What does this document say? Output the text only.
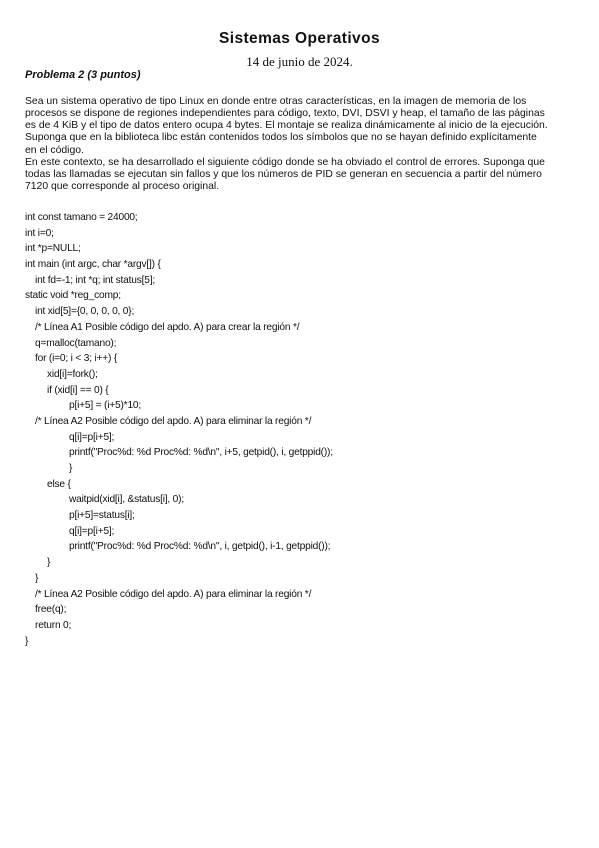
Sistemas Operativos
14 de junio de 2024.
Problema 2 (3 puntos)

Sea un sistema operativo de tipo Linux en donde entre otras características, en la imagen de memoria de los

procesos se dispone de regiones independientes para código, texto, DVI, DSVI y heap, el tamaño de las páginas

es de 4 KiB y el tipo de datos entero ocupa 4 bytes. El montaje se realiza dinámicamente al inicio de la ejecución.

Suponga que en la biblioteca libc están contenidos todos los símbolos que no se hayan definido explícitamente

en el código.

En este contexto, se ha desarrollado el siguiente código donde se ha obviado el control de errores. Suponga que

todas las llamadas se ejecutan sin fallos y que los números de PID se generan en secuencia a partir del número

7120 que corresponde al proceso original.

int const tamano = 24000;
int i=0;
int *p=NULL;
int main (int argc, char *argv[]) {
int fd=-1; int *q; int status[5];
static void *reg_comp;
int xid[5]={0, 0, 0, 0, 0};
/* Línea A1 Posible código del apdo. A) para crear la región */
q=malloc(tamano);
for (i=0; i < 3; i++) {
xid[i]=fork();
if (xid[i] == 0) {
p[i+5] = (i+5)*10;
/* Línea A2 Posible código del apdo. A) para eliminar la región */
q[i]=p[i+5];
printf("Proc%d: %d Proc%d: %d\n", i+5, getpid(), i, getppid());
}
else {
waitpid(xid[i], &status[i], 0);
p[i+5]=status[i];
q[i]=p[i+5];
printf("Proc%d: %d Proc%d: %d\n", i, getpid(), i-1, getppid());
}
}
/* Línea A2 Posible código del apdo. A) para eliminar la región */
free(q);
return 0;
}
